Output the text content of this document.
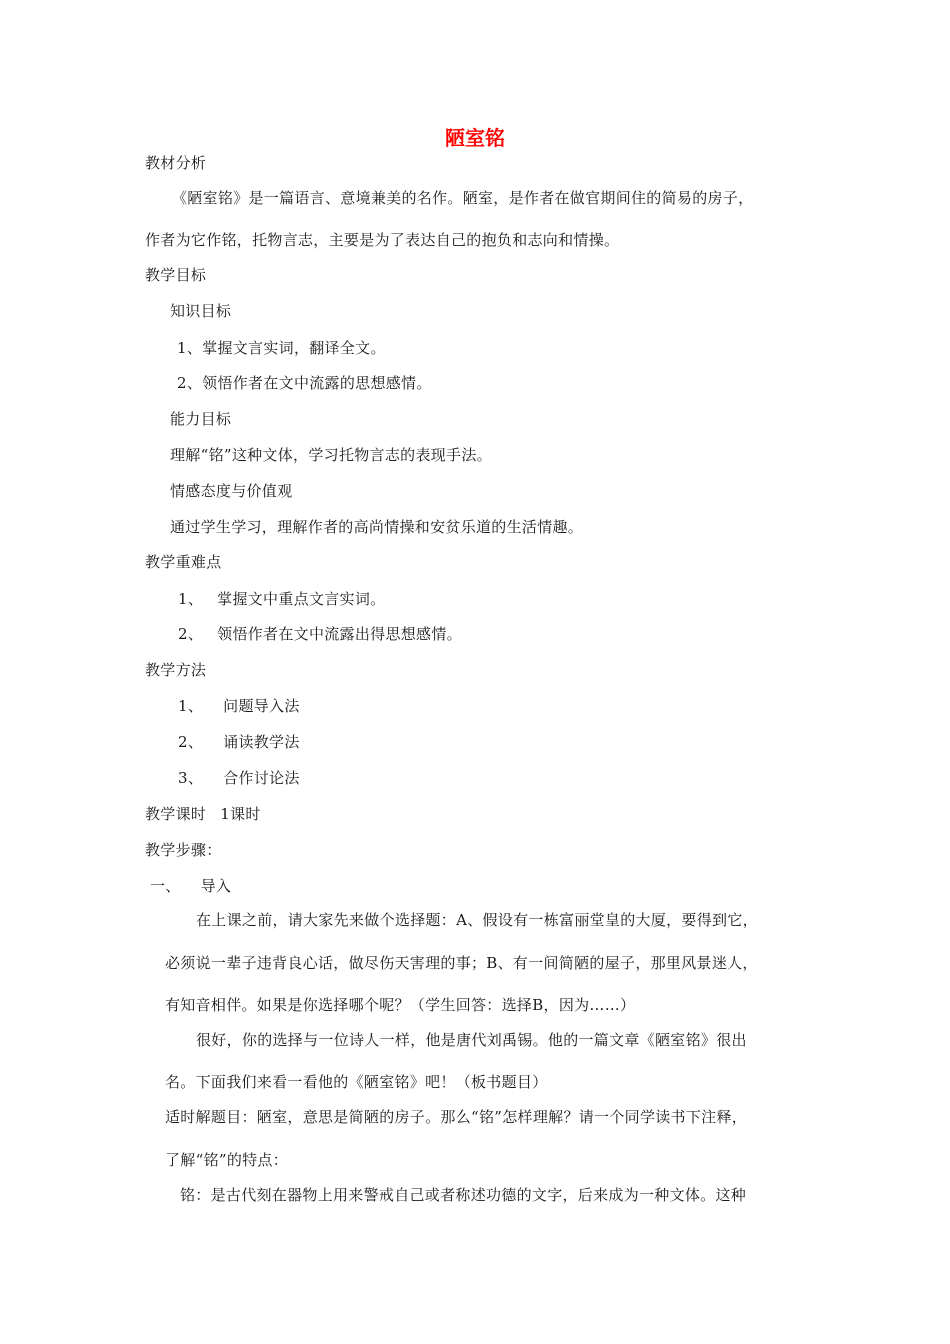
陋室铭
教材分析
《陋室铭》是一篇语言、意境兼美的名作。陋室，是作者在做官期间住的简易的房子，
作者为它作铭，托物言志，主要是为了表达自己的抱负和志向和情操。
教学目标
知识目标
1、掌握文言实词，翻译全文。
2、领悟作者在文中流露的思想感情。
能力目标
理解“铭”这种文体，学习托物言志的表现手法。
情感态度与价值观
通过学生学习，理解作者的高尚情操和安贫乐道的生活情趣。
教学重难点
1、 掌握文中重点文言实词。
2、 领悟作者在文中流露出得思想感情。
教学方法
1、 问题导入法
2、 诵读教学法
3、 合作讨论法
教学课时 1课时
教学步骤：
一、 导入
在上课之前，请大家先来做个选择题：A、假设有一栋富丽堂皇的大厦，要得到它，
必须说一辈子违背良心话，做尽伤天害理的事；B、有一间简陋的屋子，那里风景迷人，
有知音相伴。如果是你选择哪个呢？（学生回答：选择B，因为……）
很好，你的选择与一位诗人一样，他是唐代刘禹锡。他的一篇文章《陋室铭》很出
名。下面我们来看一看他的《陋室铭》吧！（板书题目）
适时解题目：陋室，意思是简陋的房子。那么“铭”怎样理解？请一个同学读书下注释，
了解“铭”的特点：
铭：是古代刻在器物上用来警戒自己或者称述功德的文字，后来成为一种文体。这种
